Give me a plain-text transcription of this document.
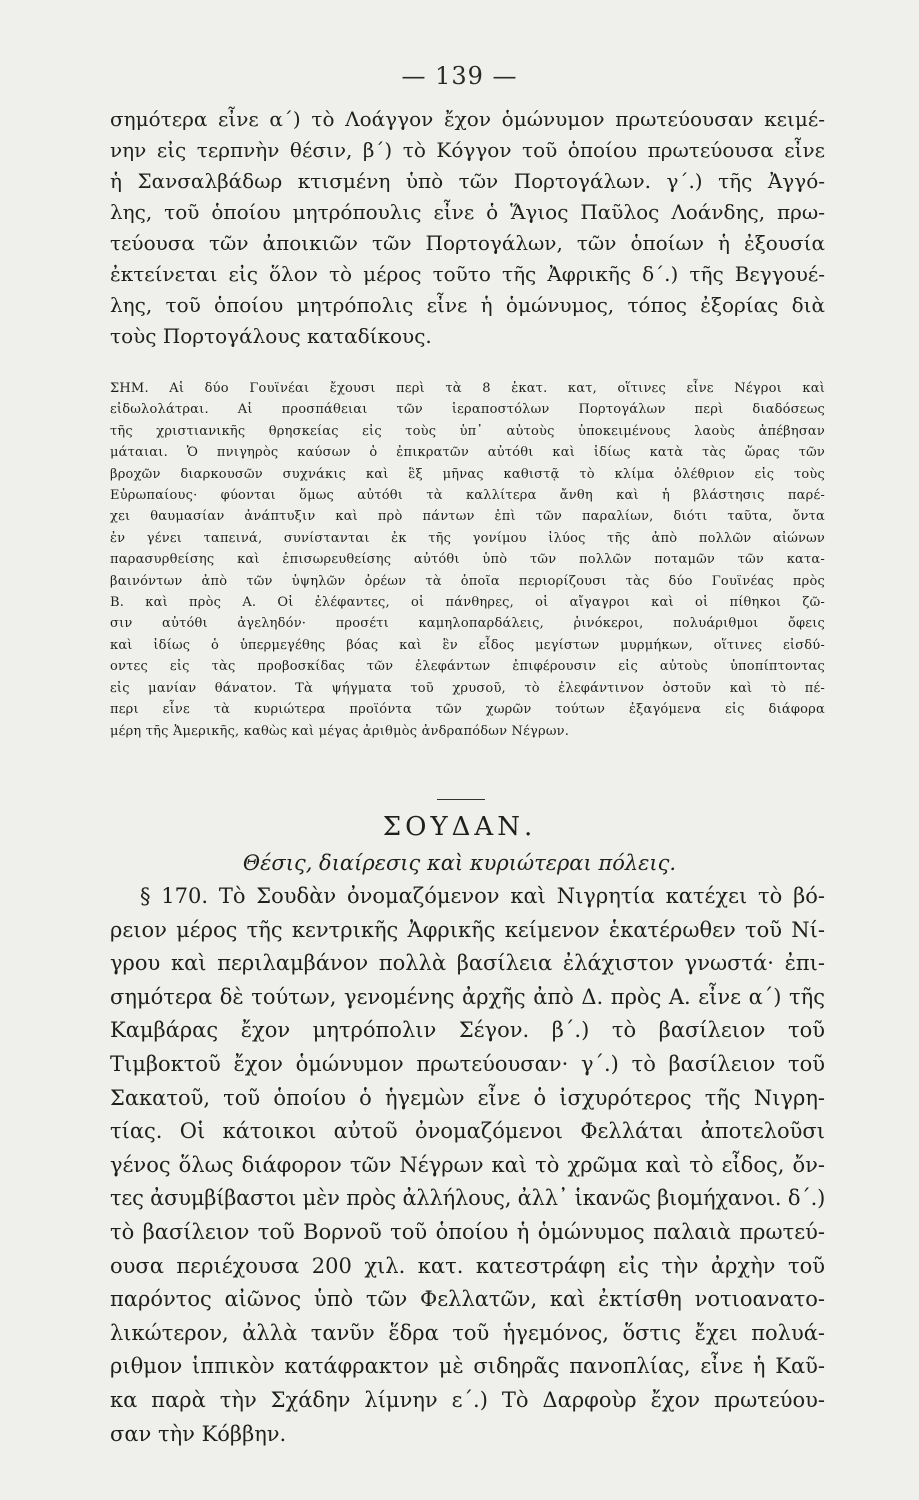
— 139 —
σημότερα εἶνε α΄) τὸ Λοάγγον ἔχον ὁμώνυμον πρωτεύουσαν κειμέ-
νην εἰς τερπνὴν θέσιν, β΄) τὸ Κόγγον τοῦ ὁποίου πρωτεύουσα εἶνε
ἡ Σανσαλβάδωρ κτισμένη ὑπὸ τῶν Πορτογάλων. γ΄.) τῆς Ἀγγό-
λης, τοῦ ὁποίου μητρόπουλις εἶνε ὁ Ἅγιος Παῦλος Λοάνδης, πρω-
τεύουσα τῶν ἀποικιῶν τῶν Πορτογάλων, τῶν ὁποίων ἡ ἐξουσία
ἐκτείνεται εἰς ὅλον τὸ μέρος τοῦτο τῆς Ἀφρικῆς δ΄.) τῆς Βεγγουέ-
λης, τοῦ ὁποίου μητρόπολις εἶνε ἡ ὁμώνυμος, τόπος ἐξορίας διὰ
τοὺς Πορτογάλους καταδίκους.
ΣΗΜ. Αἱ δύο Γουϊνέαι ἔχουσι περὶ τὰ 8 ἑκατ. κατ, οἵτινες εἶνε Νέγροι καὶ
εἰδωλολάτραι. Αἱ προσπάθειαι τῶν ἱεραποστόλων Πορτογάλων περὶ διαδόσεως
τῆς χριστιανικῆς θρησκείας εἰς τοὺς ὑπ᾽ αὐτοὺς ὑποκειμένους λαοὺς ἀπέβησαν
μάταιαι. Ὁ πνιγηρὸς καύσων ὁ ἐπικρατῶν αὐτόθι καὶ ἰδίως κατὰ τὰς ὥρας τῶν
βροχῶν διαρκουσῶν συχνάκις καὶ ἓξ μῆνας καθιστᾷ τὸ κλίμα ὀλέθριον εἰς τοὺς
Εὐρωπαίους· φύονται ὅμως αὐτόθι τὰ καλλίτερα ἄνθη καὶ ἡ βλάστησις παρέ-
χει θαυμασίαν ἀνάπτυξιν καὶ πρὸ πάντων ἐπὶ τῶν παραλίων, διότι ταῦτα, ὄντα
ἐν γένει ταπεινά, συνίστανται ἐκ τῆς γονίμου ἰλύος τῆς ἀπὸ πολλῶν αἰώνων
παρασυρθείσης καὶ ἐπισωρευθείσης αὐτόθι ὑπὸ τῶν πολλῶν ποταμῶν τῶν κατα-
βαινόντων ἀπὸ τῶν ὑψηλῶν ὀρέων τὰ ὁποῖα περιορίζουσι τὰς δύο Γουϊνέας πρὸς
Β. καὶ πρὸς Α. Οἱ ἐλέφαντες, οἱ πάνθηρες, οἱ αἴγαγροι καὶ οἱ πίθηκοι ζῶ-
σιν αὐτόθι ἀγεληδόν· προσέτι καμηλοπαρδάλεις, ῥινόκεροι, πολυάριθμοι ὄφεις
καὶ ἰδίως ὁ ὑπερμεγέθης βόας καὶ ἓν εἶδος μεγίστων μυρμήκων, οἵτινες εἰσδύ-
οντες εἰς τὰς προβοσκίδας τῶν ἐλεφάντων ἐπιφέρουσιν εἰς αὐτοὺς ὑποπίπτοντας
εἰς μανίαν θάνατον. Τὰ ψήγματα τοῦ χρυσοῦ, τὸ ἐλεφάντινον ὀστοῦν καὶ τὸ πέ-
περι εἶνε τὰ κυριώτερα προϊόντα τῶν χωρῶν τούτων ἐξαγόμενα εἰς διάφορα
μέρη τῆς Ἀμερικῆς, καθὼς καὶ μέγας ἀριθμὸς ἀνδραπόδων Νέγρων.
ΣΟΥΔΑΝ.
Θέσις, διαίρεσις καὶ κυριώτεραι πόλεις.
§ 170. Τὸ Σουδὰν ὀνομαζόμενον καὶ Νιγρητία κατέχει τὸ βό-
ρειον μέρος τῆς κεντρικῆς Ἀφρικῆς κείμενον ἑκατέρωθεν τοῦ Νί-
γρου καὶ περιλαμβάνον πολλὰ βασίλεια ἐλάχιστον γνωστά· ἐπι-
σημότερα δὲ τούτων, γενομένης ἀρχῆς ἀπὸ Δ. πρὸς Α. εἶνε α΄) τῆς
Καμβάρας ἔχον μητρόπολιν Σέγον. β΄.) τὸ βασίλειον τοῦ
Τιμβοκτοῦ ἔχον ὁμώνυμον πρωτεύουσαν· γ΄.) τὸ βασίλειον τοῦ
Σακατοῦ, τοῦ ὁποίου ὁ ἡγεμὼν εἶνε ὁ ἰσχυρότερος τῆς Νιγρη-
τίας. Οἱ κάτοικοι αὐτοῦ ὀνομαζόμενοι Φελλάται ἀποτελοῦσι
γένος ὅλως διάφορον τῶν Νέγρων καὶ τὸ χρῶμα καὶ τὸ εἶδος, ὄν-
τες ἀσυμβίβαστοι μὲν πρὸς ἀλλήλους, ἀλλ᾽ ἱκανῶς βιομήχανοι. δ΄.)
τὸ βασίλειον τοῦ Βορνοῦ τοῦ ὁποίου ἡ ὁμώνυμος παλαιὰ πρωτεύ-
ουσα περιέχουσα 200 χιλ. κατ. κατεστράφη εἰς τὴν ἀρχὴν τοῦ
παρόντος αἰῶνος ὑπὸ τῶν Φελλατῶν, καὶ ἐκτίσθη νοτιοανατο-
λικώτερον, ἀλλὰ τανῦν ἕδρα τοῦ ἡγεμόνος, ὅστις ἔχει πολυά-
ριθμον ἱππικὸν κατάφρακτον μὲ σιδηρᾶς πανοπλίας, εἶνε ἡ Καῦ-
κα παρὰ τὴν Σχάδην λίμνην ε΄.) Τὸ Δαρφοὺρ ἔχον πρωτεύου-
σαν τὴν Κόββην.
